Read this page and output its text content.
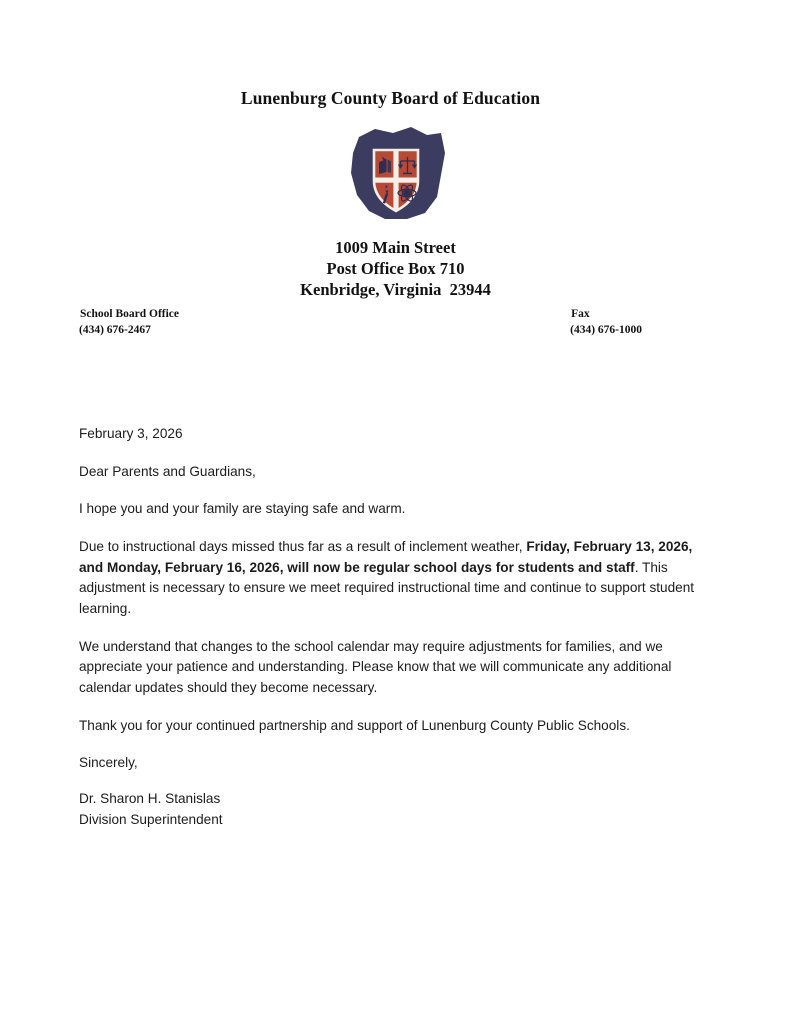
Lunenburg County Board of Education
1009 Main Street
Post Office Box 710
Kenbridge, Virginia  23944
School Board Office
(434) 676-2467
Fax
(434) 676-1000

February 3, 2026

Dear Parents and Guardians,

I hope you and your family are staying safe and warm.

Due to instructional days missed thus far as a result of inclement weather, Friday, February 13, 2026, and Monday, February 16, 2026, will now be regular school days for students and staff. This adjustment is necessary to ensure we meet required instructional time and continue to support student learning.

We understand that changes to the school calendar may require adjustments for families, and we appreciate your patience and understanding. Please know that we will communicate any additional calendar updates should they become necessary.

Thank you for your continued partnership and support of Lunenburg County Public Schools.

Sincerely,

Dr. Sharon H. Stanislas
Division Superintendent
